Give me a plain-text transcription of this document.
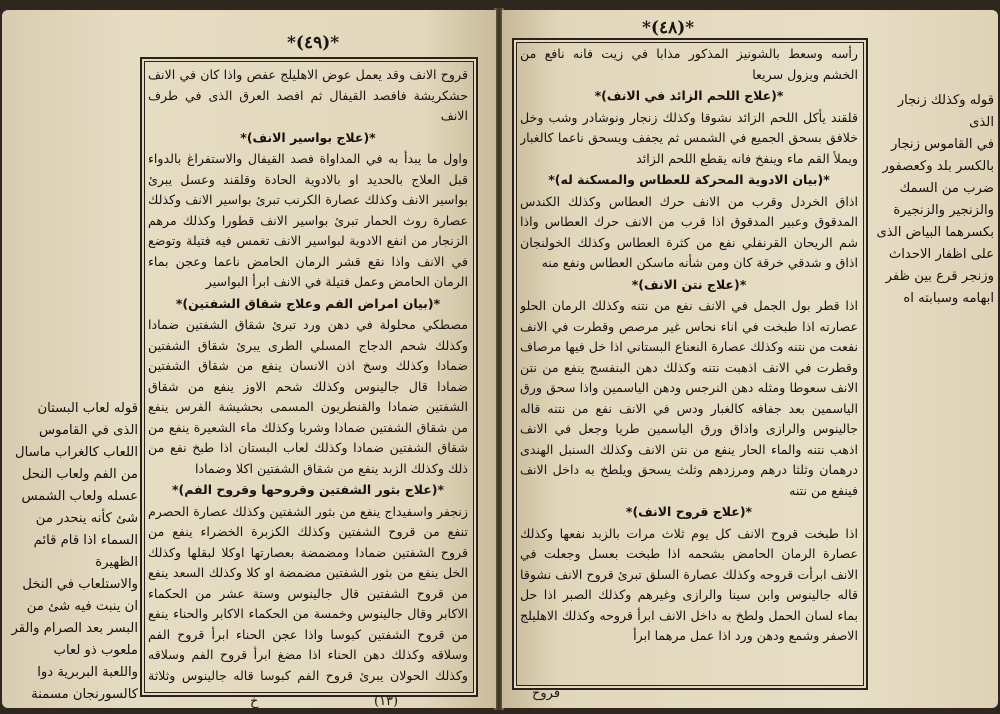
*(٤٩)*

قروح الانف وقد يعمل عوض الاهليلج عفص واذا كان في الانف حشكريشة فافصد القيفال ثم افصد العرق الذى في طرف الانف

*(علاج بواسير الانف)*

واول ما يبدأ به في المداواة فصد القيفال والاستفراغ بالدواء قبل العلاج بالحديد او بالادوية الحادة وقلقند وعسل يبرئ بواسير الانف وكذلك عصارة الكرنب تبرئ بواسير الانف وكذلك عصارة روث الحمار تبرئ بواسير الانف قطورا وكذلك مرهم الزنجار من انفع الادوية لبواسير الانف تغمس فيه فتيلة وتوضع في الانف واذا نقع قشر الرمان الحامض ناعما وعجن بماء الرمان الحامض وعمل فتيلة في الانف ابرأ البواسير

*(بيان امراض الفم وعلاج شقاق الشفتين)*

مصطكي محلولة في دهن ورد تبرئ شقاق الشفتين ضمادا وكذلك شحم الدجاج المسلي الطرى يبرئ شقاق الشفتين ضمادا وكذلك وسخ اذن الانسان ينفع من شقاق الشفتين ضمادا قال جالينوس وكذلك شحم الاوز ينفع من شقاق الشفتين ضمادا والقنطريون المسمى بحشيشة الفرس ينفع من شقاق الشفتين ضمادا وشربا وكذلك ماء الشعيرة ينفع من شقاق الشفتين ضمادا وكذلك لعاب البستان اذا طبخ نفع من ذلك وكذلك الزبد ينفع من شقاق الشفتين اكلا وضمادا

*(علاج بثور الشفتين وقروحها وقروح الفم)*

زنجفر واسفيداج ينفع من بثور الشفتين وكذلك عصارة الحصرم تنفع من قروح الشفتين وكذلك الكزبرة الخضراء ينفع من قروح الشفتين ضمادا ومضمضة بعصارتها اوكلا لبقلها وكذلك الخل ينفع من بثور الشفتين مضمضة او كلا وكذلك السعد ينفع من قروح الشفتين قال جالينوس وستة عشر من الحكماء الاكابر وقال جالينوس وخمسة من الحكماء الاكابر والحناء ينفع من قروح الشفتين كبوسا واذا عجن الحناء ابرأ قروح الفم وسلاقه وكذلك دهن الحناء اذا مضغ ابرأ قروح الفم وسلاقه وكذلك الحولان يبرئ قروح الفم كبوسا قاله جالينوس وثلاثة

قوله لعاب البستان

الذى في القاموس

اللعاب كالغراب ماسال

من الفم ولعاب النحل

عسله ولعاب الشمس

شئ كأنه ينحدر من

السماء اذا قام قائم الظهيرة

والاستلعاب في النخل

ان ينبت فيه شئ من

البسر بعد الصرام والقر

ملعوب ذو لعاب

واللعبة البربرية دوا

كالسورنجان مسمنة	خ	(١٣)
*(٤٨)*

رأسه وسعط بالشونيز المذكور مذابا في زيت فانه نافع من الخشم ويزول سريعا

*(علاج اللحم الزائد في الانف)*

قلقند يأكل اللحم الزائد نشوقا وكذلك زنجار ونوشادر وشب وخل خلافق بسحق الجميع في الشمس ثم يجفف ويسحق ناعما كالغبار ويملأ القم ماء وينفخ فانه يقطع اللحم الزائد

*(بيان الادوية المحركة للعطاس والمسكنة له)*

اذاق الخردل وقرب من الانف حرك العطاس وكذلك الكندس المدقوق وعبير المدقوق اذا قرب من الانف حرك العطاس واذا شم الريحان القرنفلي نفع من كثرة العطاس وكذلك الخولنجان اذاق و شدقي خرقة كان ومن شأنه ماسكن العطاس ونفع منه

*(علاج نتن الانف)*

اذا قطر بول الجمل في الانف نفع من نتنه وكذلك الرمان الحلو عصارته اذا طبخت في اناء نحاس غير مرصص وقطرت في الانف نفعت من نتنه وكذلك عصارة النعناع البستاني اذا خل فيها مرصاف وقطرت في الانف اذهبت نتنه وكذلك دهن البنفسج ينفع من نتن الانف سعوطا ومثله دهن النرجس ودهن الياسمين واذا سحق ورق الياسمين بعد جفافه كالغبار ودس في الانف نفع من نتنه قاله جالينوس والرازى واذاق ورق الياسمين طريا وجعل في الانف اذهب نتنه والماء الحار ينفع من نتن الانف وكذلك السنبل الهندى درهمان وثلثا درهم ومرزدهم وثلث يسحق ويلطخ به داخل الانف فينفع من نتنه

*(علاج قروح الانف)*

اذا طبخت قروح الانف كل يوم ثلاث مرات بالزبد نفعها وكذلك عصارة الرمان الحامض بشحمه اذا طبخت بعسل وجعلت في الانف ابرأت قروحه وكذلك عصارة السلق تبرئ قروح الانف نشوقا قاله جالينوس وابن سينا والرازى وغيرهم وكذلك الصبر اذا حل بماء لسان الحمل ولطخ به داخل الانف ابرأ قروحه وكذلك الاهليلج الاصفر وشمع ودهن ورد اذا عمل مرهما ابرأ

قوله وكذلك زنجار الذى

في القاموس زنجار

بالكسر بلد وكعصفور

ضرب من السمك

والزنجير والزنجيرة

بكسرهما البياض الذى

على اظفار الاحداث

وزنجر قرع بين ظفر

ابهامه وسبابته اه

قروح
